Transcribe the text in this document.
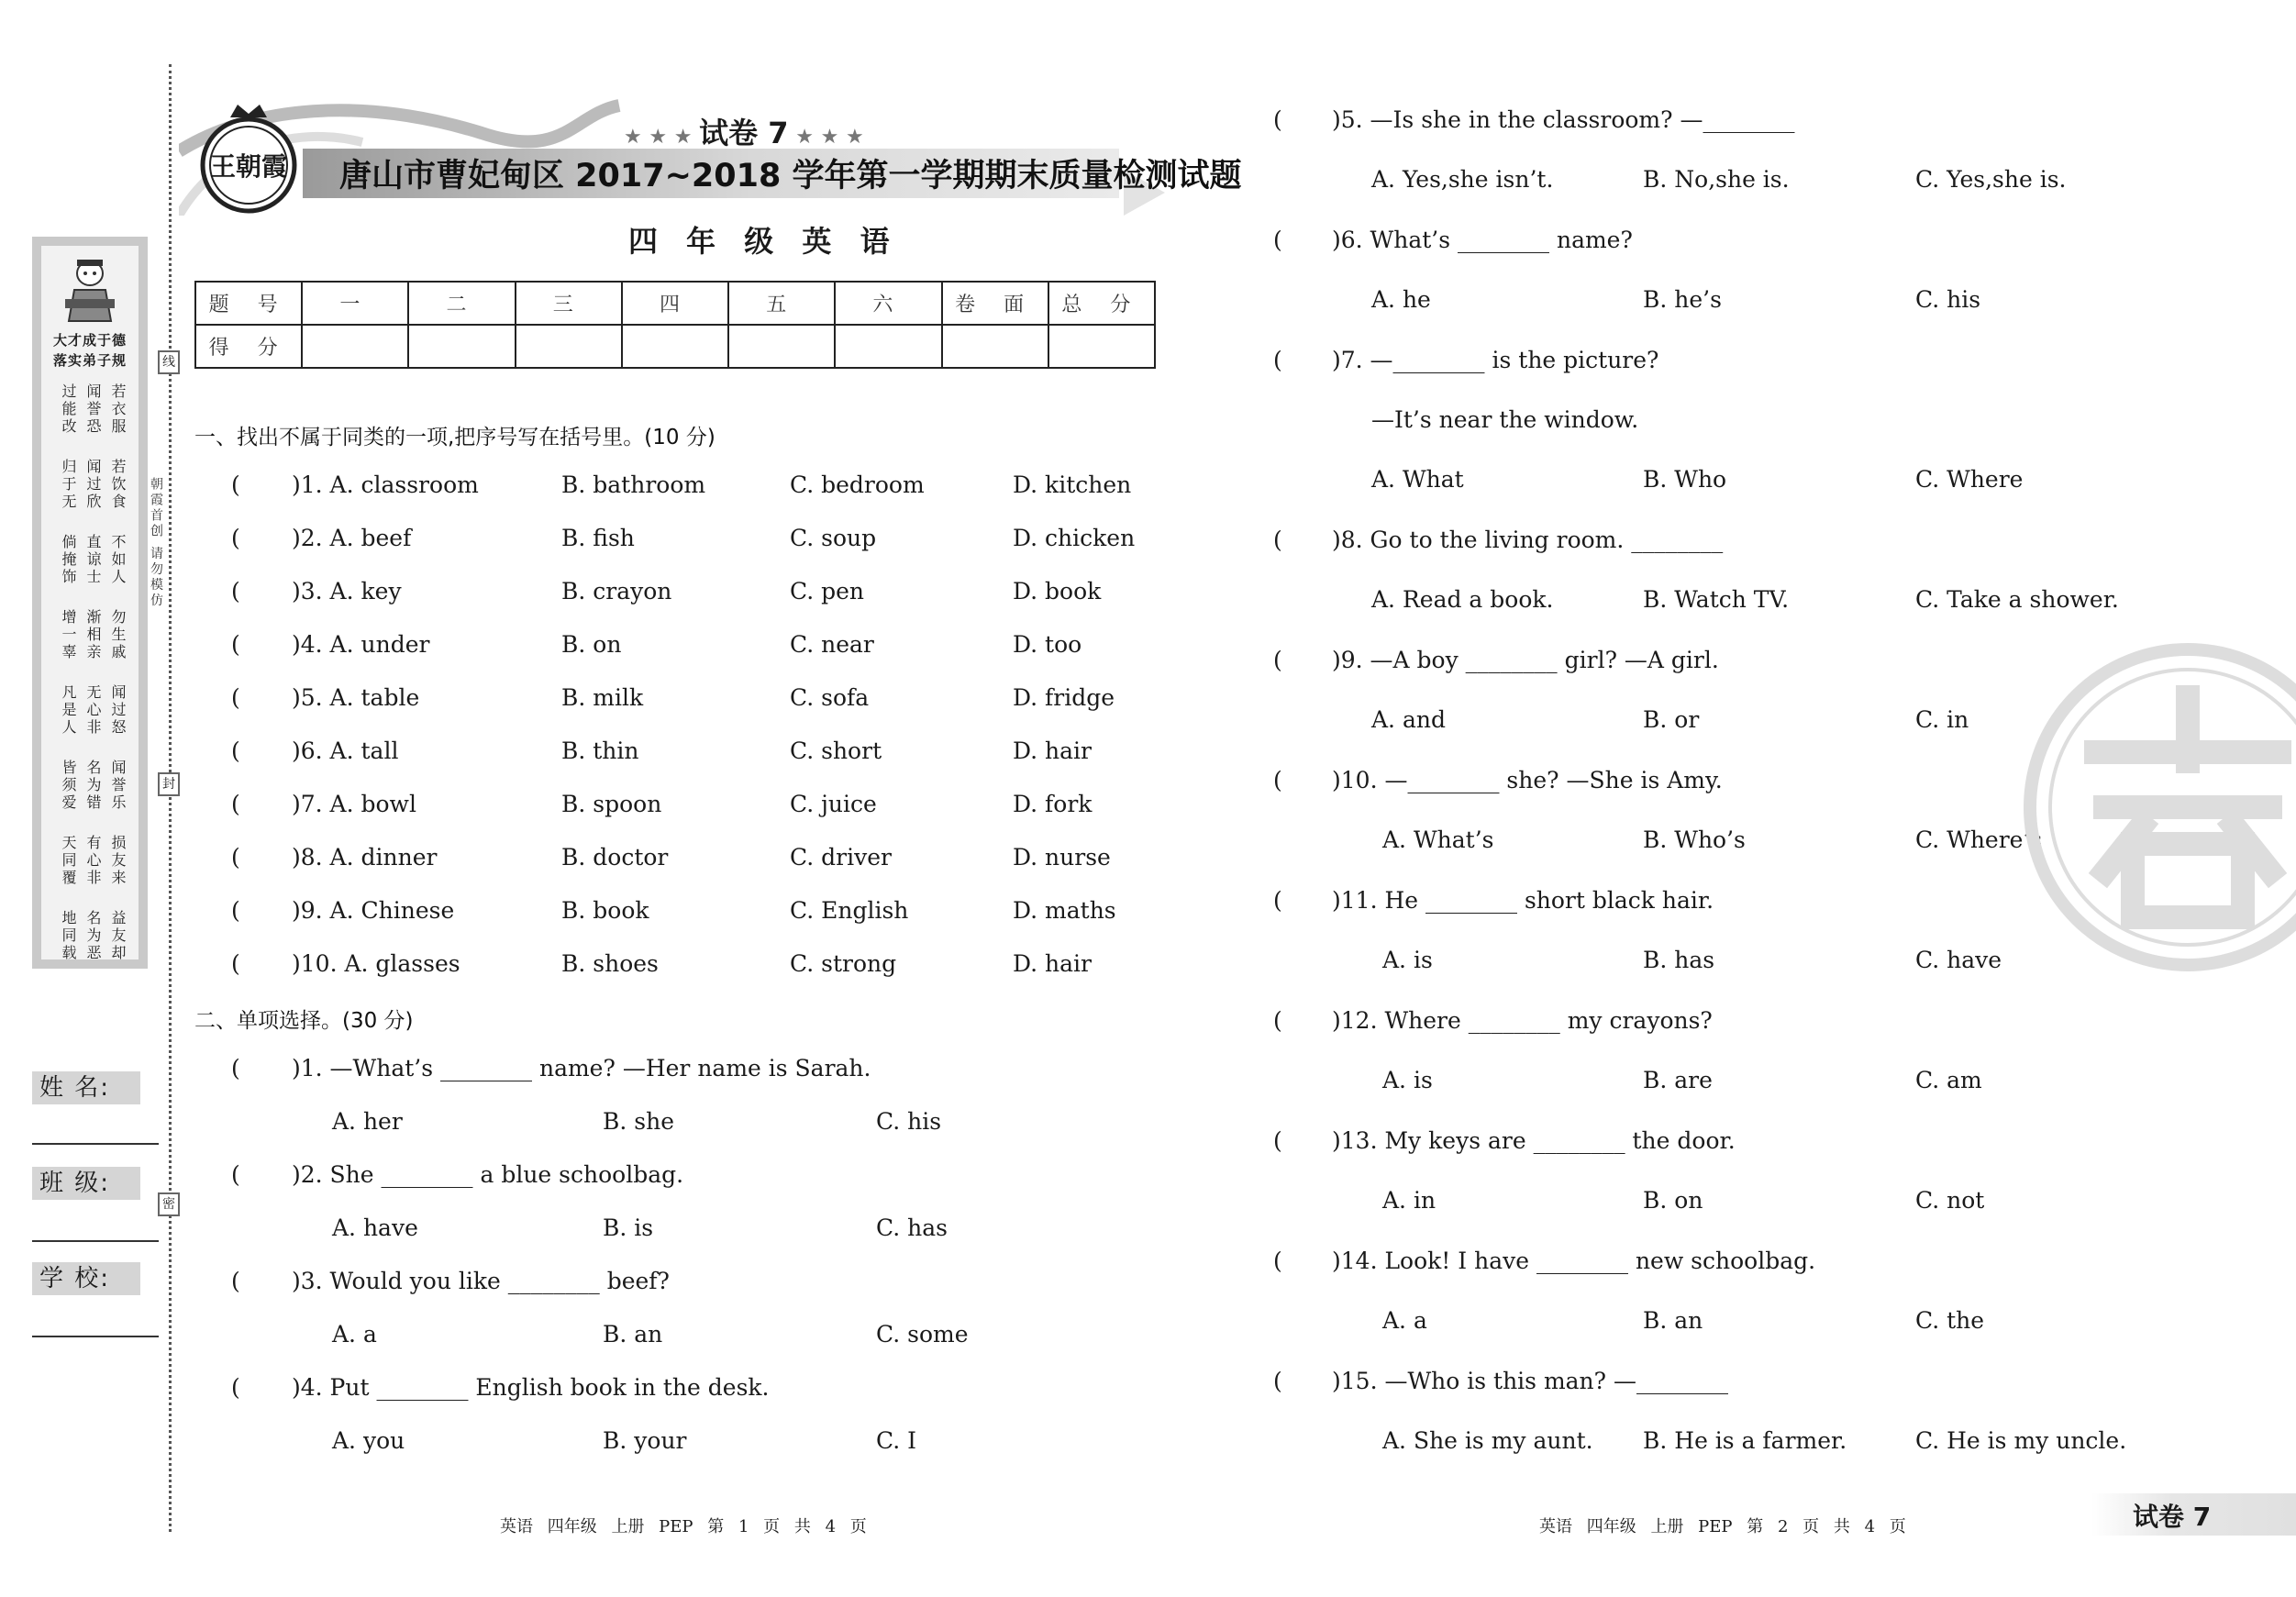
大才成于德
落实弟子规
过能改 闻誉恐 若衣服
归于无 闻过欣 若饮食
倘掩饰 直谅士 不如人
增一辜 渐相亲 勿生戚
凡是人 无心非 闻过怒
皆须爱 名为错 闻誉乐
天同覆 有心非 损友来
地同载 名为恶 益友却
朝霞首创 请勿模仿
线
封
密
姓 名:
班 级:
学 校:
唐山市曹妃甸区 2017~2018 学年第一学期期末质量检测试题
★ ★ ★ 试卷 7 ★ ★ ★
王朝霞
四 年 级 英 语
题 号	一	二	三	四	五	六	卷 面	总 分
得 分								
一、找出不属于同类的一项,把序号写在括号里。(10 分)
( )1. A. classroom	B. bathroom	C. bedroom	D. kitchen
( )2. A. beef	B. fish	C. soup	D. chicken
( )3. A. key	B. crayon	C. pen	D. book
( )4. A. under	B. on	C. near	D. too
( )5. A. table	B. milk	C. sofa	D. fridge
( )6. A. tall	B. thin	C. short	D. hair
( )7. A. bowl	B. spoon	C. juice	D. fork
( )8. A. dinner	B. doctor	C. driver	D. nurse
( )9. A. Chinese	B. book	C. English	D. maths
( )10. A. glasses	B. shoes	C. strong	D. hair
二、单项选择。(30 分)
( )1. —What’s ________ name? —Her name is Sarah.
A. her	B. she	C. his
( )2. She ________ a blue schoolbag.
A. have	B. is	C. has
( )3. Would you like ________ beef?
A. a	B. an	C. some
( )4. Put ________ English book in the desk.
A. you	B. your	C. I
( )5. —Is she in the classroom? —________
A. Yes,she isn’t.	B. No,she is.	C. Yes,she is.
( )6. What’s ________ name?
A. he	B. he’s	C. his
( )7. —________ is the picture?
—It’s near the window.
A. What	B. Who	C. Where
( )8. Go to the living room. ________
A. Read a book.	B. Watch TV.	C. Take a shower.
( )9. —A boy ________ girl? —A girl.
A. and	B. or	C. in
( )10. —________ she? —She is Amy.
A. What’s	B. Who’s	C. Where’s
( )11. He ________ short black hair.
A. is	B. has	C. have
( )12. Where ________ my crayons?
A. is	B. are	C. am
( )13. My keys are ________ the door.
A. in	B. on	C. not
( )14. Look! I have ________ new schoolbag.
A. a	B. an	C. the
( )15. —Who is this man? —________
A. She is my aunt. B. He is a farmer.	C. He is my uncle.
英语 四年级 上册 PEP 第 1 页 共 4 页	英语 四年级 上册 PEP 第 2 页 共 4 页	试卷 7
